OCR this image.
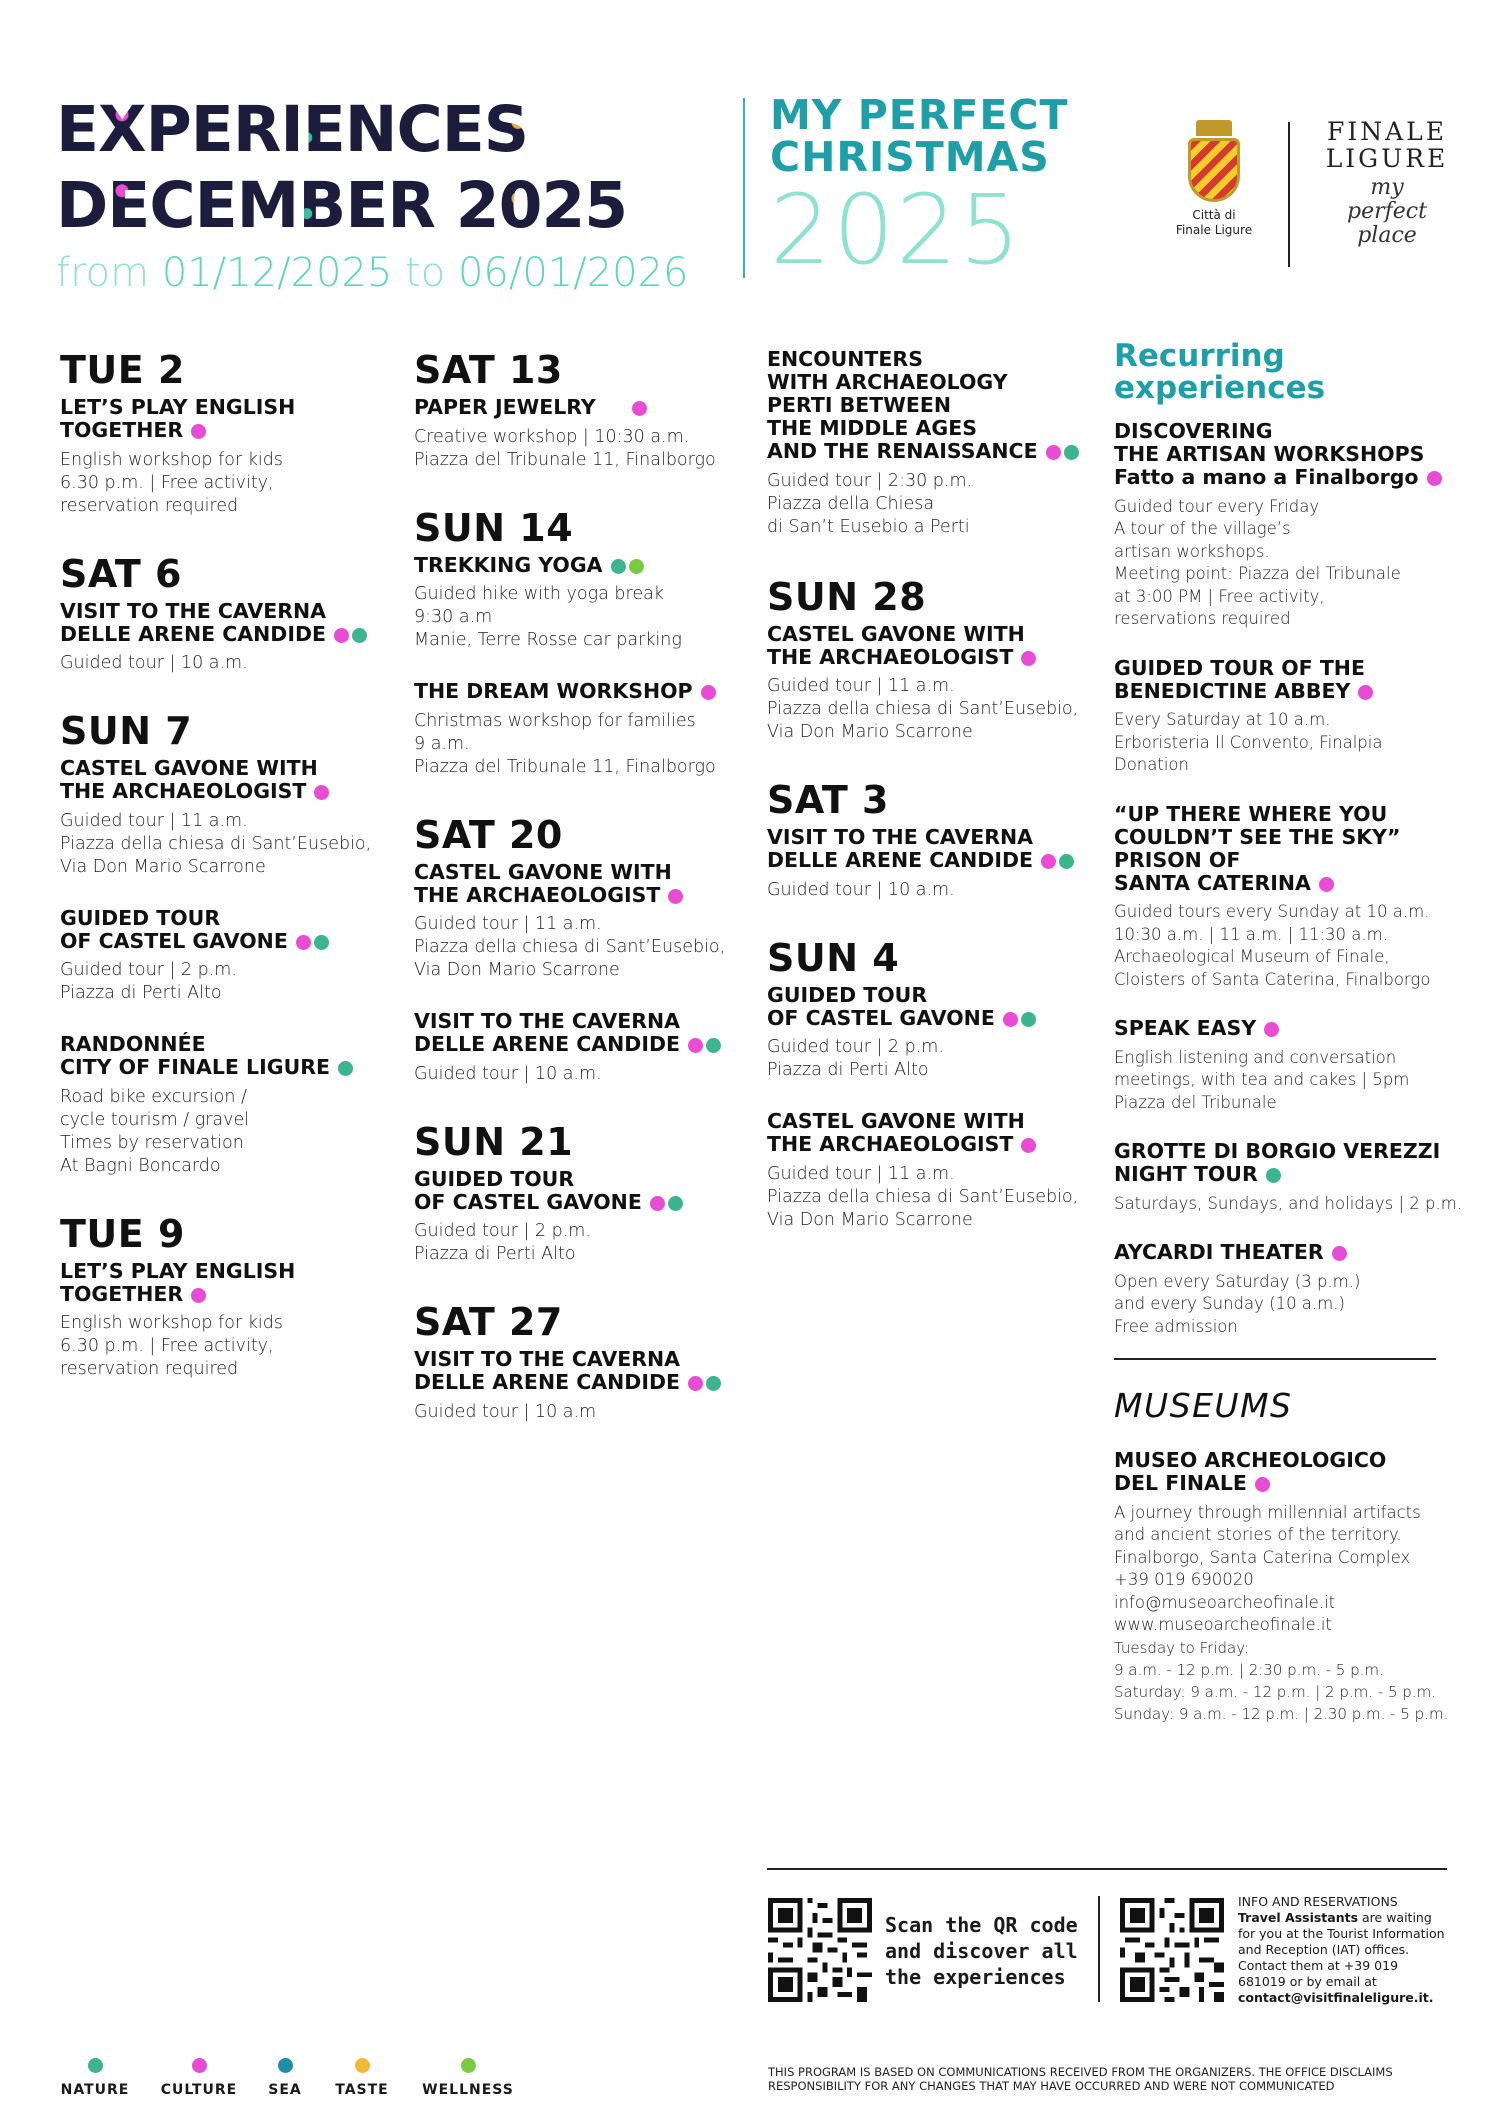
EXPERIENCES
DECEMBER 2025
from 01/12/2025 to 06/01/2026
MY PERFECT
CHRISTMAS
2025	Città di
Finale Ligure
FINALE
LIGURE
my
perfect
place
TUE 2
LET’S PLAY ENGLISH
TOGETHER
English workshop for kids
6.30 p.m. | Free activity,
reservation required
SAT 6
VISIT TO THE CAVERNA
DELLE ARENE CANDIDE
Guided tour | 10 a.m.
SUN 7
CASTEL GAVONE WITH
THE ARCHAEOLOGIST
Guided tour | 11 a.m.
Piazza della chiesa di Sant’Eusebio,
Via Don Mario Scarrone
GUIDED TOUR
OF CASTEL GAVONE
Guided tour | 2 p.m.
Piazza di Perti Alto
RANDONNÉE
CITY OF FINALE LIGURE
Road bike excursion /
cycle tourism / gravel
Times by reservation
At Bagni Boncardo
TUE 9
LET’S PLAY ENGLISH
TOGETHER
English workshop for kids
6.30 p.m. | Free activity,
reservation required
SAT 13
PAPER JEWELRY
Creative workshop | 10:30 a.m.
Piazza del Tribunale 11, Finalborgo
SUN 14
TREKKING YOGA
Guided hike with yoga break
9:30 a.m
Manie, Terre Rosse car parking
THE DREAM WORKSHOP
Christmas workshop for families
9 a.m.
Piazza del Tribunale 11, Finalborgo
SAT 20
CASTEL GAVONE WITH
THE ARCHAEOLOGIST
Guided tour | 11 a.m.
Piazza della chiesa di Sant’Eusebio,
Via Don Mario Scarrone
VISIT TO THE CAVERNA
DELLE ARENE CANDIDE
Guided tour | 10 a.m.
SUN 21
GUIDED TOUR
OF CASTEL GAVONE
Guided tour | 2 p.m.
Piazza di Perti Alto
SAT 27
VISIT TO THE CAVERNA
DELLE ARENE CANDIDE
Guided tour | 10 a.m
ENCOUNTERS
WITH ARCHAEOLOGY
PERTI BETWEEN
THE MIDDLE AGES
AND THE RENAISSANCE
Guided tour | 2:30 p.m.
Piazza della Chiesa
di San’t Eusebio a Perti
SUN 28
CASTEL GAVONE WITH
THE ARCHAEOLOGIST
Guided tour | 11 a.m.
Piazza della chiesa di Sant’Eusebio,
Via Don Mario Scarrone
SAT 3
VISIT TO THE CAVERNA
DELLE ARENE CANDIDE
Guided tour | 10 a.m.
SUN 4
GUIDED TOUR
OF CASTEL GAVONE
Guided tour | 2 p.m.
Piazza di Perti Alto
CASTEL GAVONE WITH
THE ARCHAEOLOGIST
Guided tour | 11 a.m.
Piazza della chiesa di Sant’Eusebio,
Via Don Mario Scarrone
Recurring
experiences
DISCOVERING
THE ARTISAN WORKSHOPS
Fatto a mano a Finalborgo
Guided tour every Friday
A tour of the village’s
artisan workshops.
Meeting point: Piazza del Tribunale
at 3:00 PM | Free activity,
reservations required
GUIDED TOUR OF THE
BENEDICTINE ABBEY
Every Saturday at 10 a.m.
Erboristeria Il Convento, Finalpia
Donation
“UP THERE WHERE YOU
COULDN’T SEE THE SKY”
PRISON OF
SANTA CATERINA
Guided tours every Sunday at 10 a.m.
10:30 a.m. | 11 a.m. | 11:30 a.m.
Archaeological Museum of Finale,
Cloisters of Santa Caterina, Finalborgo
SPEAK EASY
English listening and conversation
meetings, with tea and cakes | 5pm
Piazza del Tribunale
GROTTE DI BORGIO VEREZZI
NIGHT TOUR
Saturdays, Sundays, and holidays | 2 p.m.
AYCARDI THEATER
Open every Saturday (3 p.m.)
and every Sunday (10 a.m.)
Free admission
MUSEUMS
MUSEO ARCHEOLOGICO
DEL FINALE
A journey through millennial artifacts
and ancient stories of the territory.
Finalborgo, Santa Caterina Complex
+39 019 690020
info@museoarcheofinale.it
www.museoarcheofinale.it
Tuesday to Friday:
9 a.m. - 12 p.m. | 2:30 p.m. - 5 p.m.
Saturday: 9 a.m. - 12 p.m. | 2 p.m. - 5 p.m.
Sunday: 9 a.m. - 12 p.m. | 2.30 p.m. - 5 p.m.
Scan the QR code
and discover all
the experiences
INFO AND RESERVATIONS
Travel Assistants are waiting for you at the Tourist Information and Reception (IAT) offices. Contact them at +39 019 681019 or by email at contact@visitfinaleligure.it.
NATURE CULTURE SEA TASTE WELLNESS
THIS PROGRAM IS BASED ON COMMUNICATIONS RECEIVED FROM THE ORGANIZERS. THE OFFICE DISCLAIMS RESPONSIBILITY FOR ANY CHANGES THAT MAY HAVE OCCURRED AND WERE NOT COMMUNICATED
